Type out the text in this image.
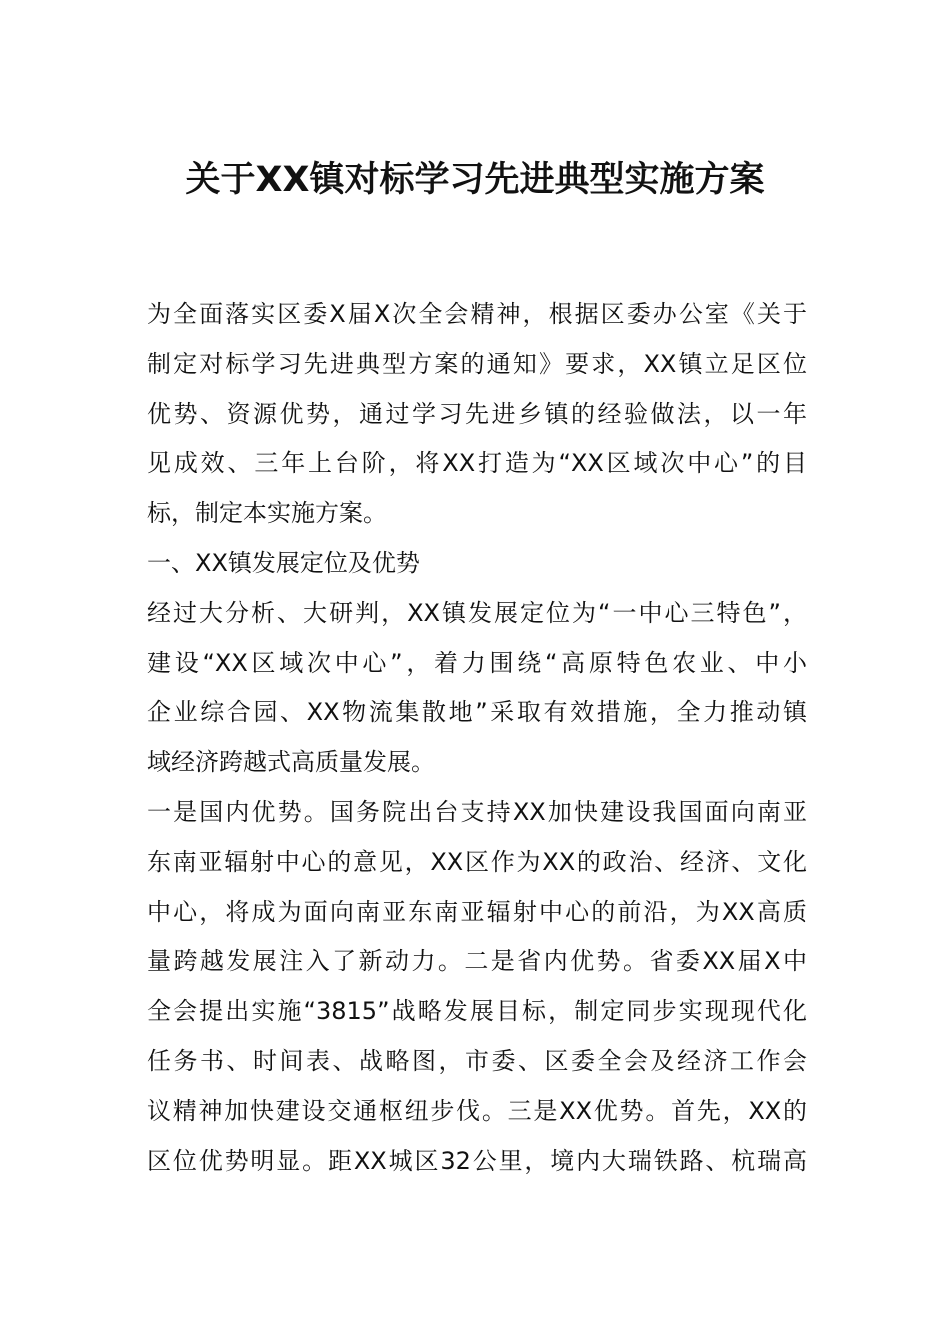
关于XX镇对标学习先进典型实施方案
为全面落实区委X届X次全会精神，根据区委办公室《关于
制定对标学习先进典型方案的通知》要求，XX镇立足区位
优势、资源优势，通过学习先进乡镇的经验做法，以一年
见成效、三年上台阶，将XX打造为“XX区域次中心”的目
标，制定本实施方案。
一、XX镇发展定位及优势
经过大分析、大研判，XX镇发展定位为“一中心三特色”，
建设“XX区域次中心”，着力围绕“高原特色农业、中小
企业综合园、XX物流集散地”采取有效措施，全力推动镇
域经济跨越式高质量发展。
一是国内优势。国务院出台支持XX加快建设我国面向南亚
东南亚辐射中心的意见，XX区作为XX的政治、经济、文化
中心，将成为面向南亚东南亚辐射中心的前沿，为XX高质
量跨越发展注入了新动力。二是省内优势。省委XX届X中
全会提出实施“3815”战略发展目标，制定同步实现现代化
任务书、时间表、战略图，市委、区委全会及经济工作会
议精神加快建设交通枢纽步伐。三是XX优势。首先，XX的
区位优势明显。距XX城区32公里，境内大瑞铁路、杭瑞高
